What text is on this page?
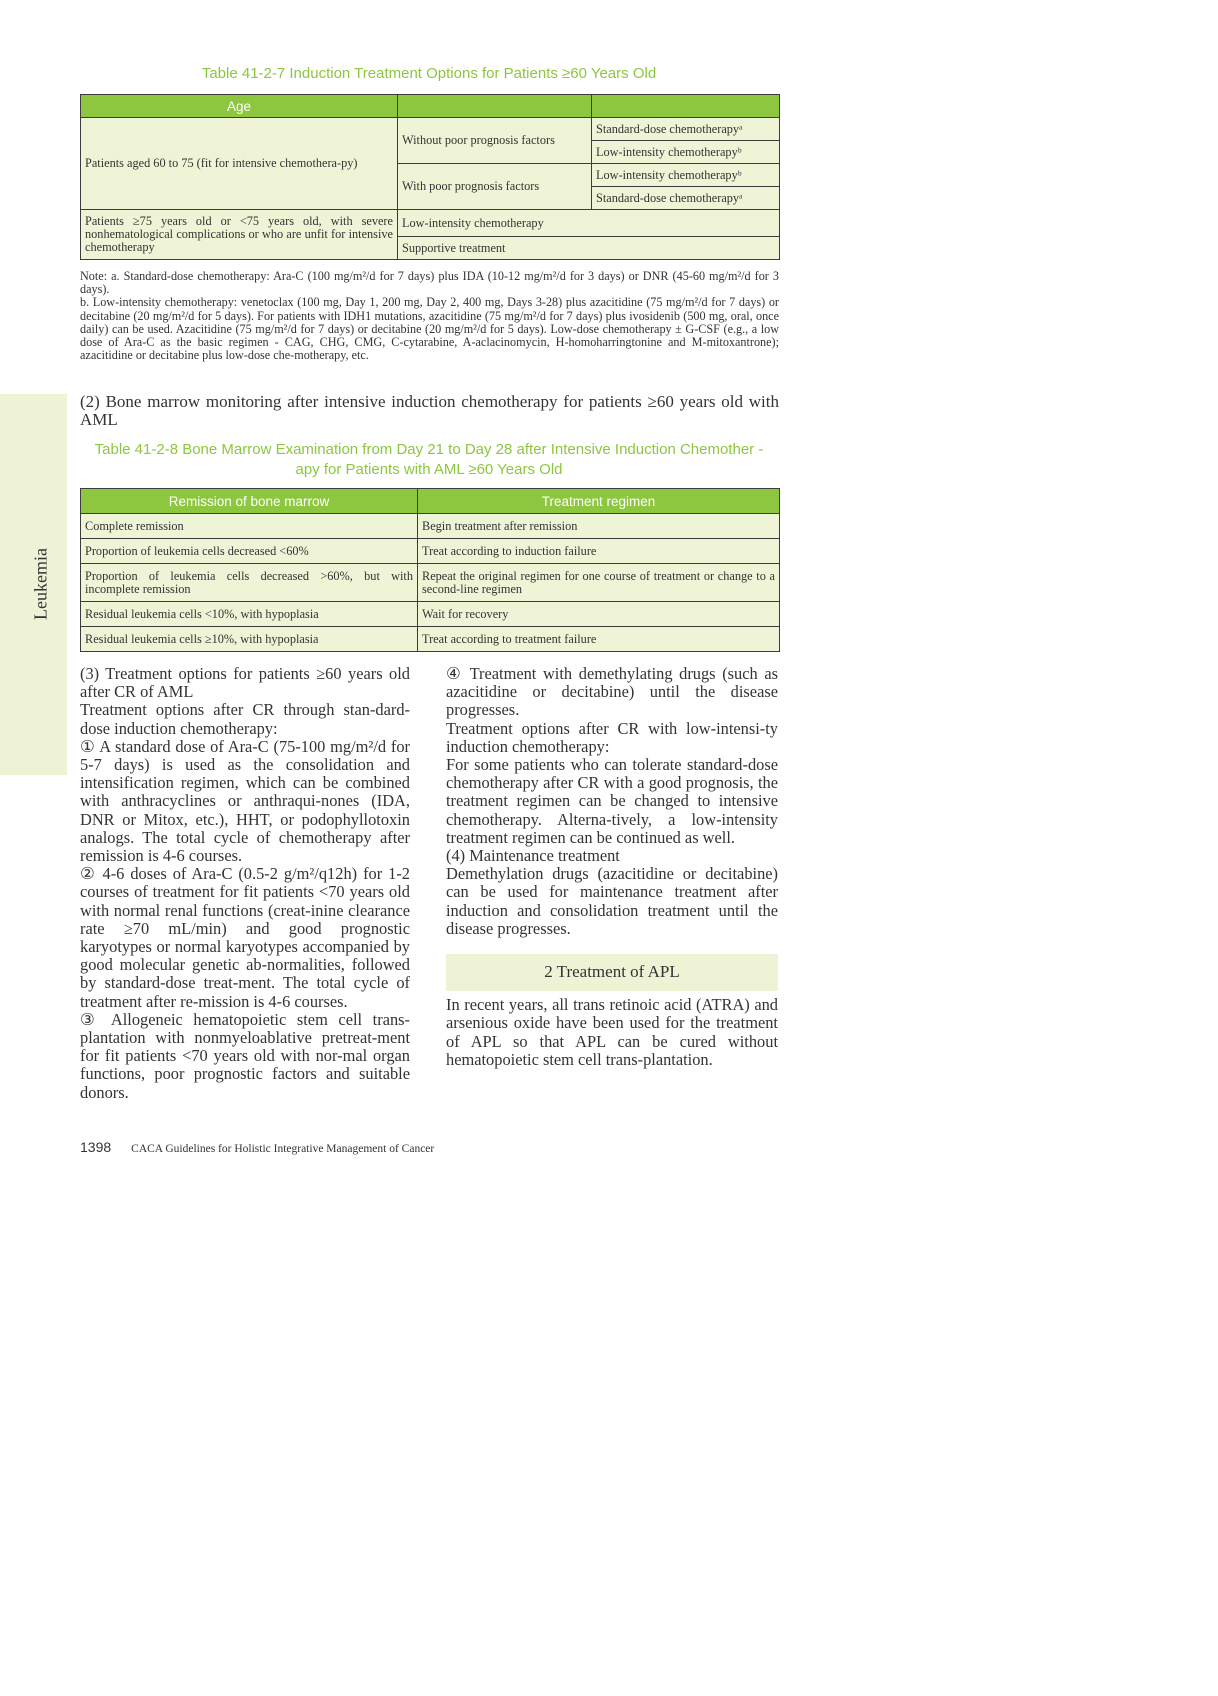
Leukemia
Table 41-2-7 Induction Treatment Options for Patients ≥60 Years Old
Age		
Patients aged 60 to 75 (fit for intensive chemothera-py)	Without poor prognosis factors	Standard-dose chemotherapyᵃ
		Low-intensity chemotherapyᵇ
	With poor prognosis factors	Low-intensity chemotherapyᵇ
		Standard-dose chemotherapyᵃ
Patients ≥75 years old or <75 years old, with severe nonhematological complications or who are unfit for intensive chemotherapy	Low-intensity chemotherapy	
	Supportive treatment	

Note: a. Standard-dose chemotherapy: Ara-C (100 mg/m²/d for 7 days) plus IDA (10-12 mg/m²/d for 3 days) or DNR (45-60 mg/m²/d for 3 days).

b. Low-intensity chemotherapy: venetoclax (100 mg, Day 1, 200 mg, Day 2, 400 mg, Days 3-28) plus azacitidine (75 mg/m²/d for 7 days) or decitabine (20 mg/m²/d for 5 days). For patients with IDH1 mutations, azacitidine (75 mg/m²/d for 7 days) plus ivosidenib (500 mg, oral, once daily) can be used. Azacitidine (75 mg/m²/d for 7 days) or decitabine (20 mg/m²/d for 5 days). Low-dose chemotherapy ± G-CSF (e.g., a low dose of Ara-C as the basic regimen - CAG, CHG, CMG, C-cytarabine, A-aclacinomycin, H-homoharringtonine and M-mitoxantrone); azacitidine or decitabine plus low-dose che-motherapy, etc.

(2) Bone marrow monitoring after intensive induction chemotherapy for patients ≥60 years old with AML
Table 41-2-8 Bone Marrow Examination from Day 21 to Day 28 after Intensive Induction Chemother -
apy for Patients with AML ≥60 Years Old
Remission of bone marrow	Treatment regimen
Complete remission	Begin treatment after remission
Proportion of leukemia cells decreased <60%	Treat according to induction failure
Proportion of leukemia cells decreased >60%, but with incomplete remission	Repeat the original regimen for one course of treatment or change to a second-line regimen
Residual leukemia cells <10%, with hypoplasia	Wait for recovery
Residual leukemia cells ≥10%, with hypoplasia	Treat according to treatment failure

(3) Treatment options for patients ≥60 years old after CR of AML

Treatment options after CR through stan-dard-dose induction chemotherapy:

① A standard dose of Ara-C (75-100 mg/m²/d for 5-7 days) is used as the consolidation and intensification regimen, which can be combined with anthracyclines or anthraqui-nones (IDA, DNR or Mitox, etc.), HHT, or podophyllotoxin analogs. The total cycle of chemotherapy after remission is 4-6 courses.

② 4-6 doses of Ara-C (0.5-2 g/m²/q12h) for 1-2 courses of treatment for fit patients <70 years old with normal renal functions (creat-inine clearance rate ≥70 mL/min) and good prognostic karyotypes or normal karyotypes accompanied by good molecular genetic ab-normalities, followed by standard-dose treat-ment. The total cycle of treatment after re-mission is 4-6 courses.

③ Allogeneic hematopoietic stem cell trans-plantation with nonmyeloablative pretreat-ment for fit patients <70 years old with nor-mal organ functions, poor prognostic factors and suitable donors.

④ Treatment with demethylating drugs (such as azacitidine or decitabine) until the disease progresses.

Treatment options after CR with low-intensi-ty induction chemotherapy:

For some patients who can tolerate standard-dose chemotherapy after CR with a good prognosis, the treatment regimen can be changed to intensive chemotherapy. Alterna-tively, a low-intensity treatment regimen can be continued as well.

(4) Maintenance treatment

Demethylation drugs (azacitidine or decitabine) can be used for maintenance treatment after induction and consolidation treatment until the disease progresses.

2 Treatment of APL

In recent years, all trans retinoic acid (ATRA) and arsenious oxide have been used for the treatment of APL so that APL can be cured without hematopoietic stem cell trans-plantation.

1398 CACA Guidelines for Holistic Integrative Management of Cancer
